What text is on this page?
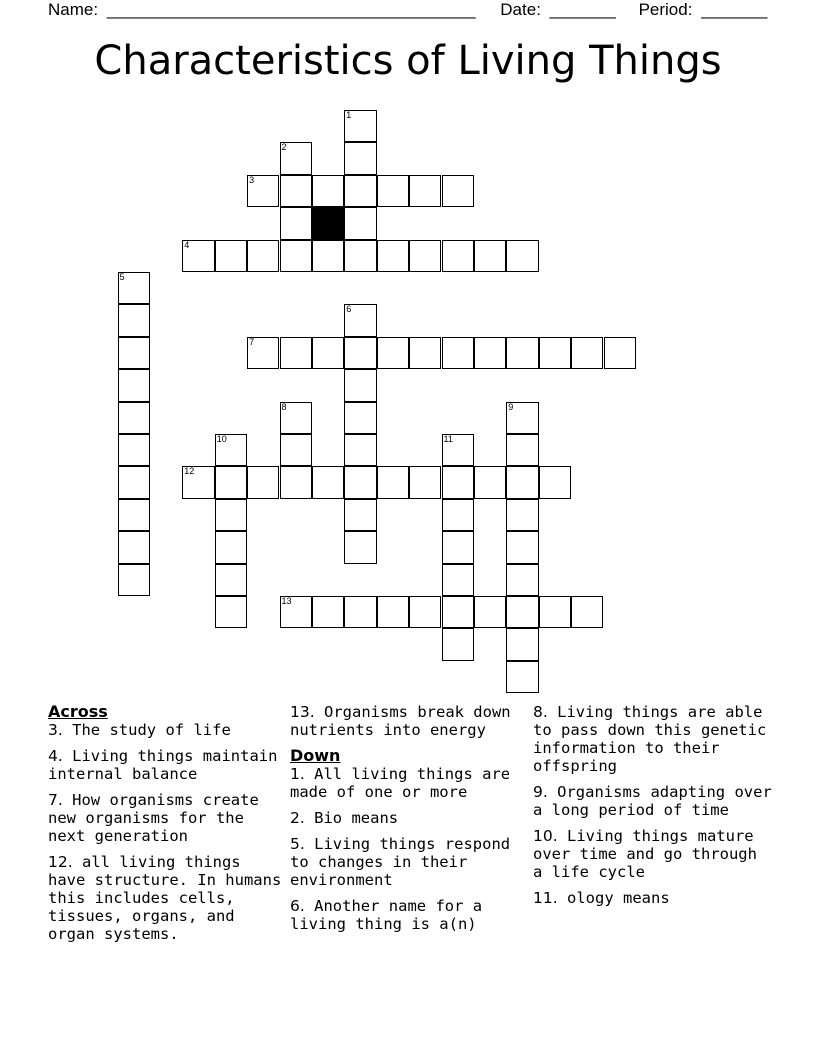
Name: _______________________________________ Date: _______ Period: _______
Characteristics of Living Things
1
2
3
4
5
6
7
8	9
10	11
12
13
Across
3. The study of life
4. Living things maintain internal balance
7. How organisms create new organisms for the next generation
12. all living things have structure. In humans this includes cells, tissues, organs, and organ systems.
13. Organisms break down nutrients into energy
Down
1. All living things are made of one or more
2. Bio means
5. Living things respond to changes in their environment
6. Another name for a living thing is a(n)
8. Living things are able to pass down this genetic information to their offspring
9. Organisms adapting over a long period of time
10. Living things mature over time and go through a life cycle
11. ology means
